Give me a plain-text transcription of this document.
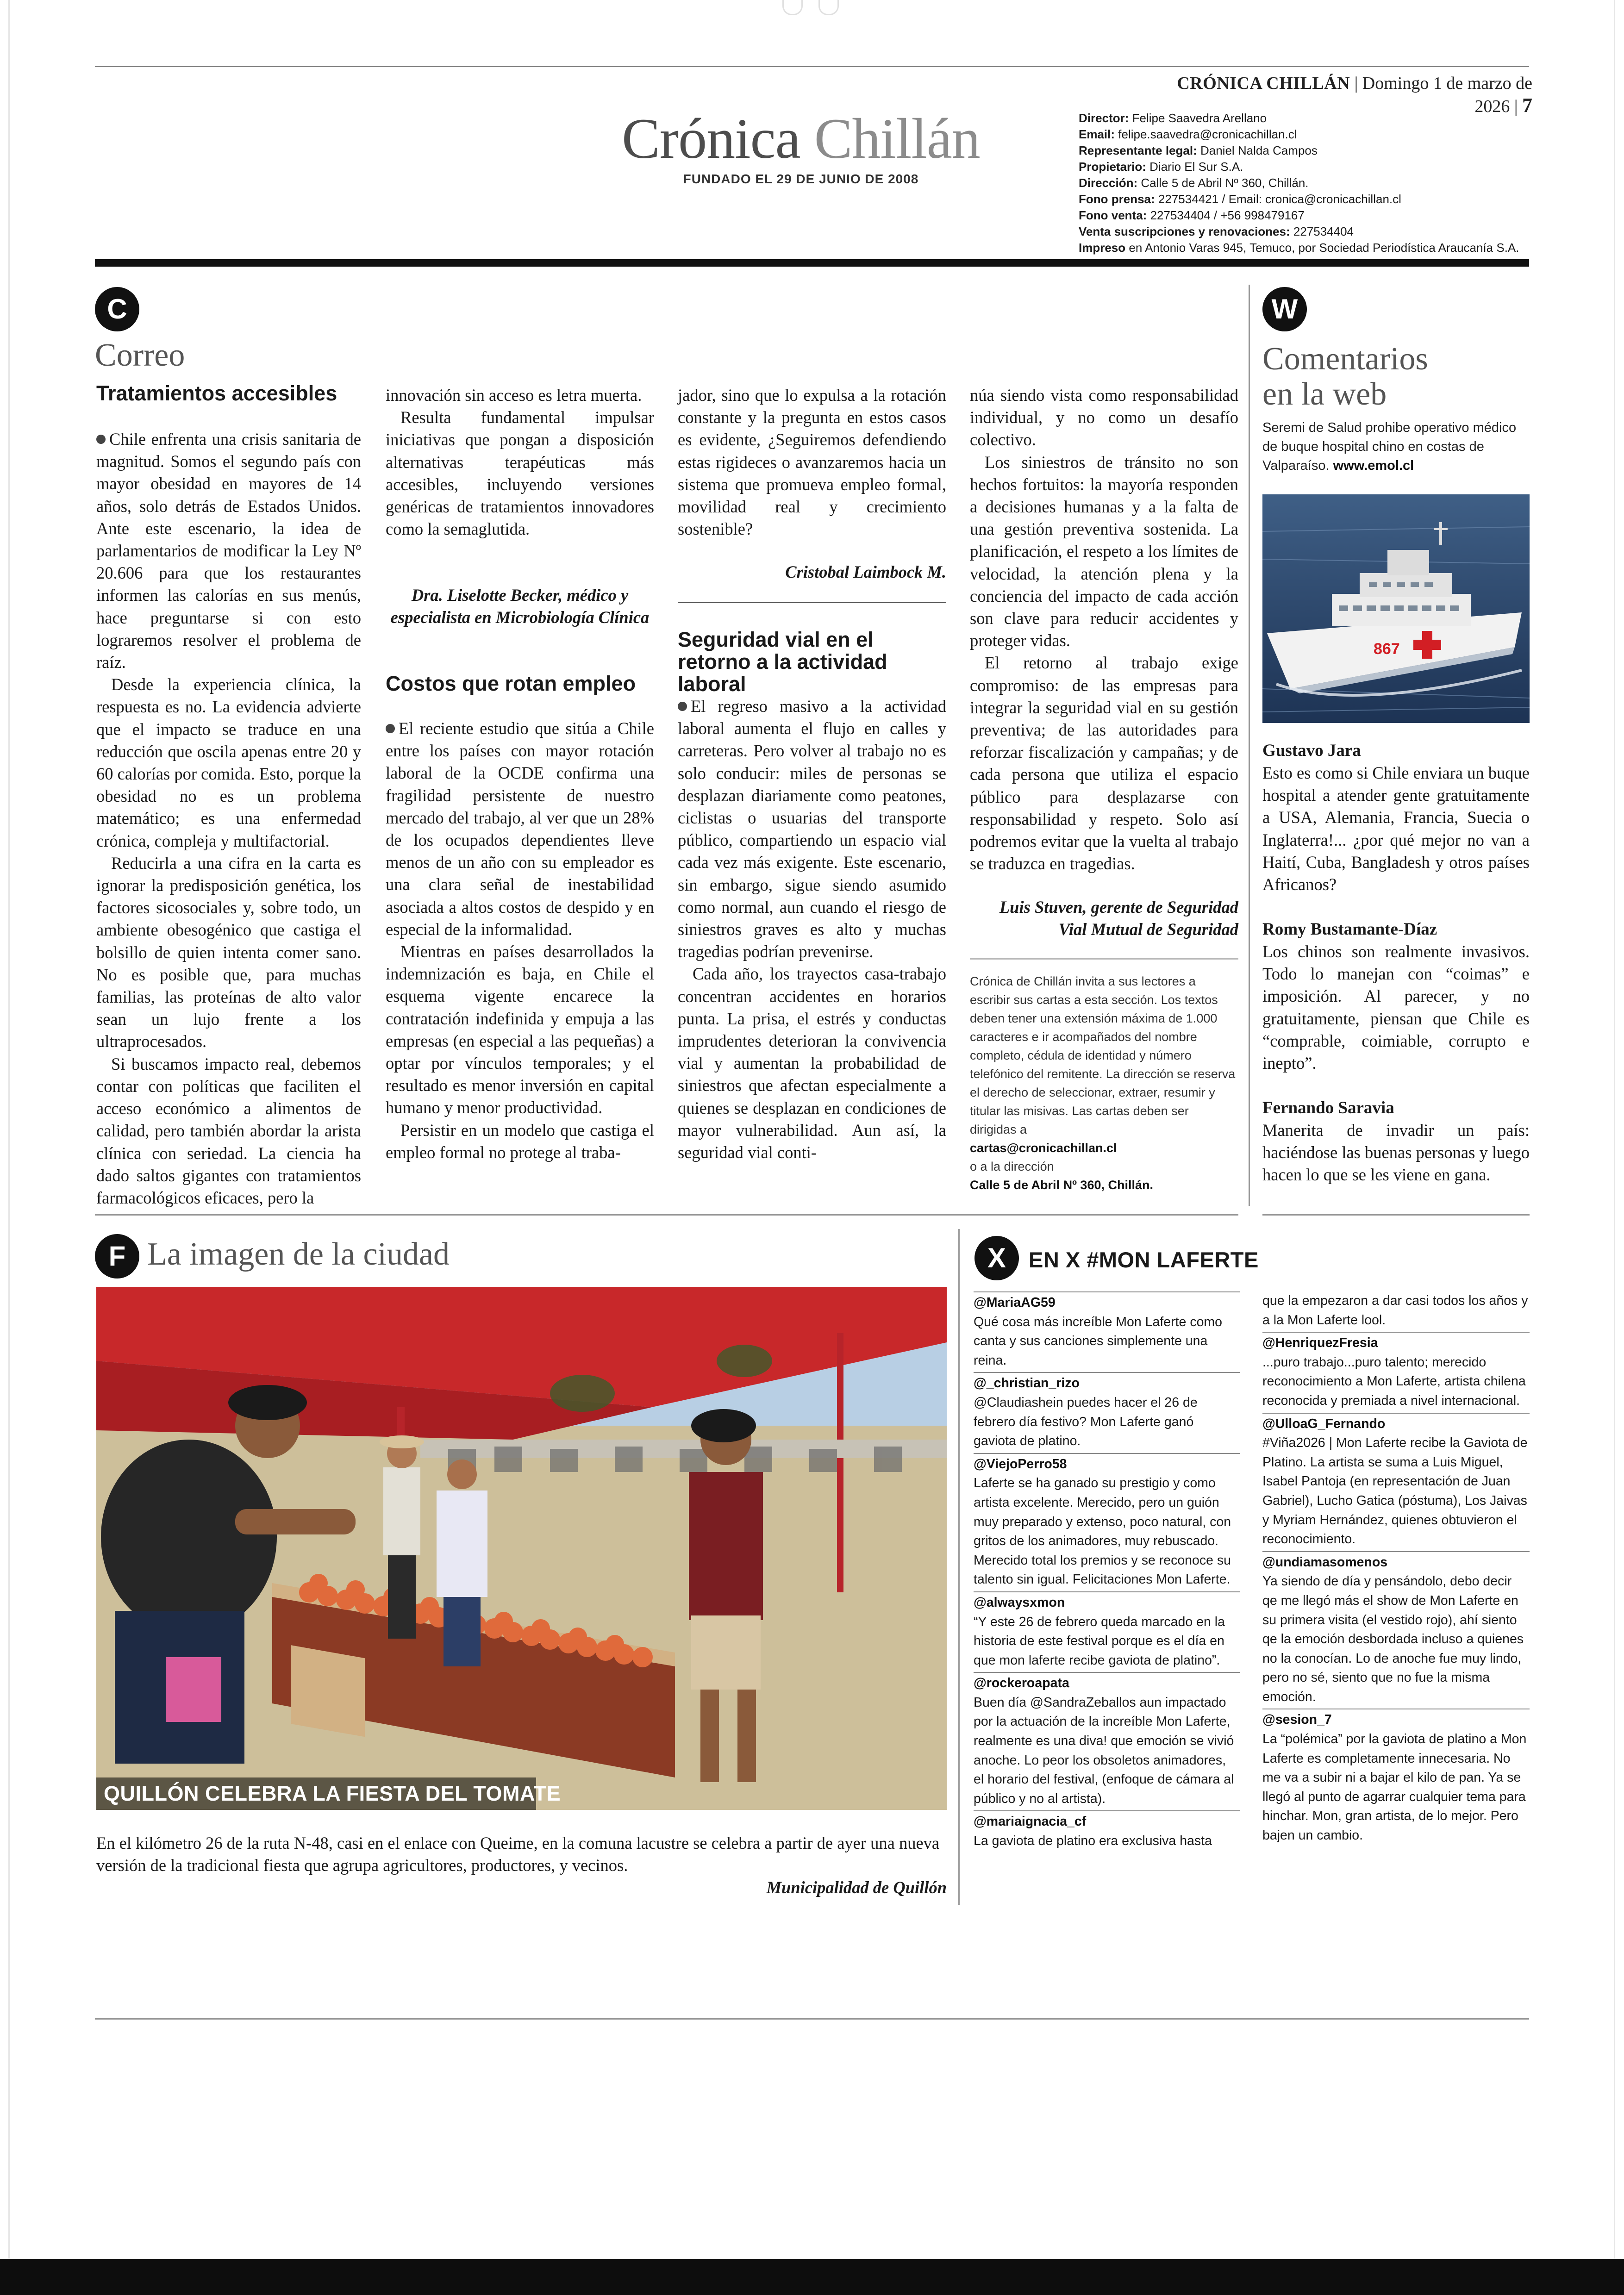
CRÓNICA CHILLÁN | Domingo 1 de marzo de 2026 | 7
Crónica Chillán
FUNDADO EL 29 DE JUNIO DE 2008
Director: Felipe Saavedra Arellano
Email: felipe.saavedra@cronicachillan.cl
Representante legal: Daniel Nalda Campos
Propietario: Diario El Sur S.A.
Dirección: Calle 5 de Abril Nº 360, Chillán.
Fono prensa: 227534421 / Email: cronica@cronicachillan.cl
Fono venta: 227534404 / +56 998479167
Venta suscripciones y renovaciones: 227534404
Impreso en Antonio Varas 945, Temuco, por Sociedad Periodística Araucanía S.A.
C
Correo
Tratamientos accesibles

Chile enfrenta una crisis sanitaria de magnitud. Somos el segundo país con mayor obesidad en mayores de 14 años, solo detrás de Estados Unidos. Ante este escenario, la idea de parlamentarios de modificar la Ley Nº 20.606 para que los restaurantes informen las calorías en sus menús, hace preguntarse si con esto lograremos resolver el problema de raíz.

Desde la experiencia clínica, la respuesta es no. La evidencia advierte que el impacto se traduce en una reducción que oscila apenas entre 20 y 60 calorías por comida. Esto, porque la obesidad no es un problema matemático; es una enfermedad crónica, compleja y multifactorial.

Reducirla a una cifra en la carta es ignorar la predisposición genética, los factores sicosociales y, sobre todo, un ambiente obesogénico que castiga el bolsillo de quien intenta comer sano. No es posible que, para muchas familias, las proteínas de alto valor sean un lujo frente a los ultraprocesados.

Si buscamos impacto real, debemos contar con políticas que faciliten el acceso económico a alimentos de calidad, pero también abordar la arista clínica con seriedad. La ciencia ha dado saltos gigantes con tratamientos farmacológicos eficaces, pero la

innovación sin acceso es letra muerta.

Resulta fundamental impulsar iniciativas que pongan a disposición alternativas terapéuticas más accesibles, incluyendo versiones genéricas de tratamientos innovadores como la semaglutida.

Dra. Liselotte Becker, médico y especialista en Microbiología Clínica
Costos que rotan empleo

El reciente estudio que sitúa a Chile entre los países con mayor rotación laboral de la OCDE confirma una fragilidad persistente de nuestro mercado del trabajo, al ver que un 28% de los ocupados dependientes lleve menos de un año con su empleador es una clara señal de inestabilidad asociada a altos costos de despido y en especial de la informalidad.

Mientras en países desarrollados la indemnización es baja, en Chile el esquema vigente encarece la contratación indefinida y empuja a las empresas (en especial a las pequeñas) a optar por vínculos temporales; y el resultado es menor inversión en capital humano y menor productividad.

Persistir en un modelo que castiga el empleo formal no protege al traba-

jador, sino que lo expulsa a la rotación constante y la pregunta en estos casos es evidente, ¿Seguiremos defendiendo estas rigideces o avanzaremos hacia un sistema que promueva empleo formal, movilidad real y crecimiento sostenible?

Cristobal Laimbock M.
Seguridad vial en el retorno a la actividad laboral

El regreso masivo a la actividad laboral aumenta el flujo en calles y carreteras. Pero volver al trabajo no es solo conducir: miles de personas se desplazan diariamente como peatones, ciclistas o usuarias del transporte público, compartiendo un espacio vial cada vez más exigente. Este escenario, sin embargo, sigue siendo asumido como normal, aun cuando el riesgo de siniestros graves es alto y muchas tragedias podrían prevenirse.

Cada año, los trayectos casa-trabajo concentran accidentes en horarios punta. La prisa, el estrés y conductas imprudentes deterioran la convivencia vial y aumentan la probabilidad de siniestros que afectan especialmente a quienes se desplazan en condiciones de mayor vulnerabilidad. Aun así, la seguridad vial conti-

núa siendo vista como responsabilidad individual, y no como un desafío colectivo.

Los siniestros de tránsito no son hechos fortuitos: la mayoría responden a decisiones humanas y a la falta de una gestión preventiva sostenida. La planificación, el respeto a los límites de velocidad, la atención plena y la conciencia del impacto de cada acción son clave para reducir accidentes y proteger vidas.

El retorno al trabajo exige compromiso: de las empresas para integrar la seguridad vial en su gestión preventiva; de las autoridades para reforzar fiscalización y campañas; y de cada persona que utiliza el espacio público para desplazarse con responsabilidad y respeto. Solo así podremos evitar que la vuelta al trabajo se traduzca en tragedias.

Luis Stuven, gerente de Seguridad
Vial Mutual de Seguridad
Crónica de Chillán invita a sus lectores a escribir sus cartas a esta sección. Los textos deben tener una extensión máxima de 1.000 caracteres e ir acompañados del nombre completo, cédula de identidad y número telefónico del remitente. La dirección se reserva el derecho de seleccionar, extraer, resumir y titular las misivas. Las cartas deben ser dirigidas a
cartas@cronicachillan.cl
o a la dirección
Calle 5 de Abril Nº 360, Chillán.
W
Comentarios
en la web
Seremi de Salud prohibe operativo médico de buque hospital chino en costas de Valparaíso. www.emol.cl
867
Gustavo Jara
Esto es como si Chile enviara un buque hospital a atender gente gratuitamente a USA, Alemania, Francia, Suecia o Inglaterra!... ¿por qué mejor no van a Haití, Cuba, Bangladesh y otros países Africanos?
Romy Bustamante-Díaz
Los chinos son realmente invasivos. Todo lo manejan con “coimas” e imposición. Al parecer, y no gratuitamente, piensan que Chile es “comprable, coimiable, corrupto e inepto”.
Fernando Saravia
Manerita de invadir un país: haciéndose las buenas personas y luego hacen lo que se les viene en gana.
F La imagen de la ciudad
QUILLÓN CELEBRA LA FIESTA DEL TOMATE
En el kilómetro 26 de la ruta N-48, casi en el enlace con Queime, en la comuna lacustre se celebra a partir de ayer una nueva versión de la tradicional fiesta que agrupa agricultores, productores, y vecinos.
Municipalidad de Quillón
X	EN X #MON LAFERTE
@MariaAG59
Qué cosa más increíble Mon Laferte como canta y sus canciones simplemente una reina.
@_christian_rizo
@Claudiashein puedes hacer el 26 de febrero día festivo? Mon Laferte ganó gaviota de platino.
@ViejoPerro58
Laferte se ha ganado su prestigio y como artista excelente. Merecido, pero un guión muy preparado y extenso, poco natural, con gritos de los animadores, muy rebuscado. Merecido total los premios y se reconoce su talento sin igual. Felicitaciones Mon Laferte.
@alwaysxmon
“Y este 26 de febrero queda marcado en la historia de este festival porque es el día en que mon laferte recibe gaviota de platino”.
@rockeroapata
Buen día @SandraZeballos aun impactado por la actuación de la increíble Mon Laferte, realmente es una diva! que emoción se vivió anoche. Lo peor los obsoletos animadores, el horario del festival, (enfoque de cámara al público y no al artista).
@mariaignacia_cf
La gaviota de platino era exclusiva hasta
que la empezaron a dar casi todos los años y a la Mon Laferte lool.
@HenriquezFresia
...puro trabajo...puro talento; merecido reconocimiento a Mon Laferte, artista chilena reconocida y premiada a nivel internacional.
@UlloaG_Fernando
#Viña2026 | Mon Laferte recibe la Gaviota de Platino. La artista se suma a Luis Miguel, Isabel Pantoja (en representación de Juan Gabriel), Lucho Gatica (póstuma), Los Jaivas y Myriam Hernández, quienes obtuvieron el reconocimiento.
@undiamasomenos
Ya siendo de día y pensándolo, debo decir qe me llegó más el show de Mon Laferte en su primera visita (el vestido rojo), ahí siento qe la emoción desbordada incluso a quienes no la conocían. Lo de anoche fue muy lindo, pero no sé, siento que no fue la misma emoción.
@sesion_7
La “polémica” por la gaviota de platino a Mon Laferte es completamente innecesaria. No me va a subir ni a bajar el kilo de pan. Ya se llegó al punto de agarrar cualquier tema para hinchar. Mon, gran artista, de lo mejor. Pero bajen un cambio.
